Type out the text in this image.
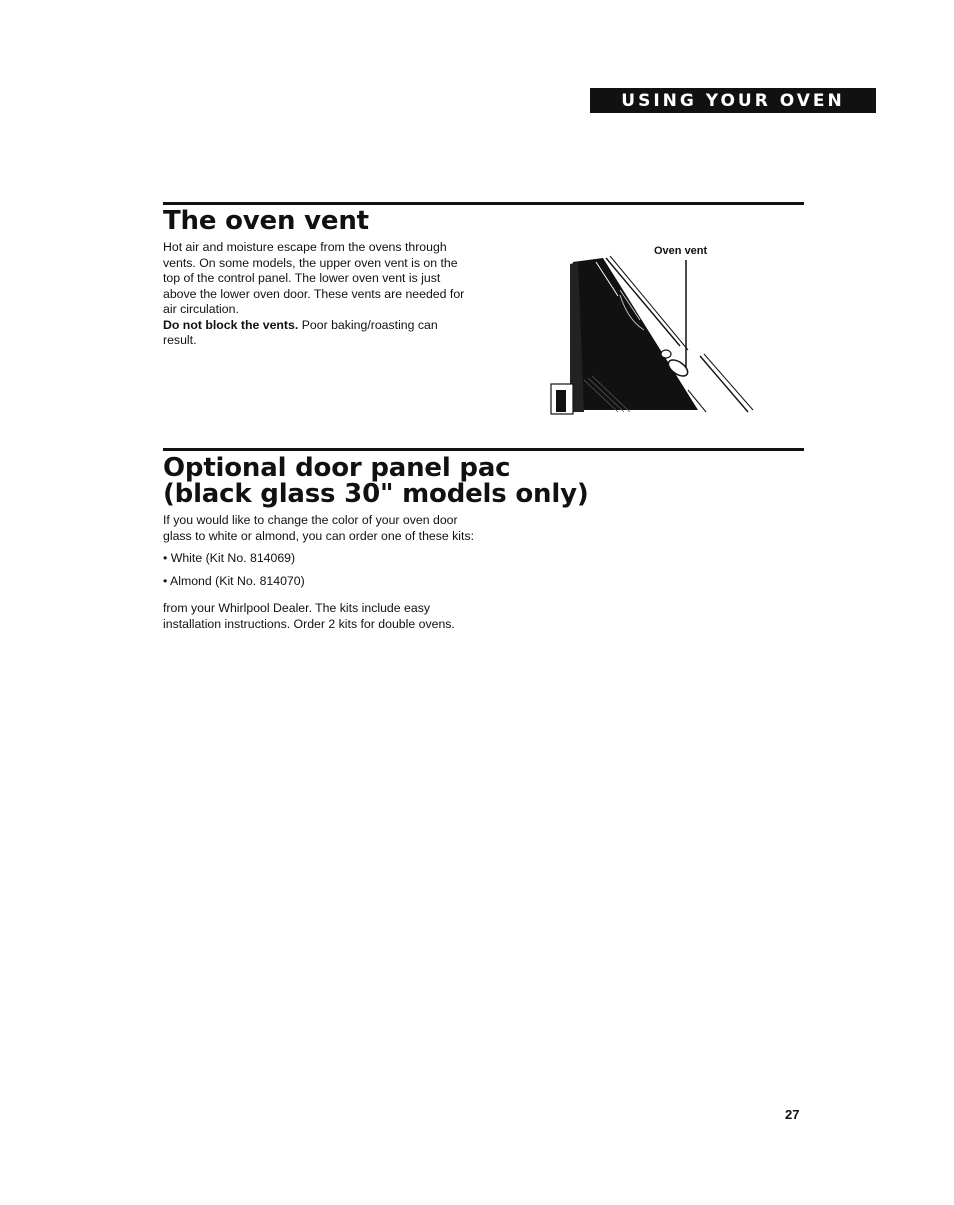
USING YOUR OVEN
The oven vent

Hot air and moisture escape from the ovens through vents. On some models, the upper oven vent is on the top of the control panel. The lower oven vent is just above the lower oven door. These vents are needed for air circulation.

Do not block the vents. Poor baking/roasting can result.

Oven vent
Optional door panel pac
(black glass 30" models only)

If you would like to change the color of your oven door glass to white or almond, you can order one of these kits:

• White (Kit No. 814069)

• Almond (Kit No. 814070)

from your Whirlpool Dealer. The kits include easy installation instructions. Order 2 kits for double ovens.

27
